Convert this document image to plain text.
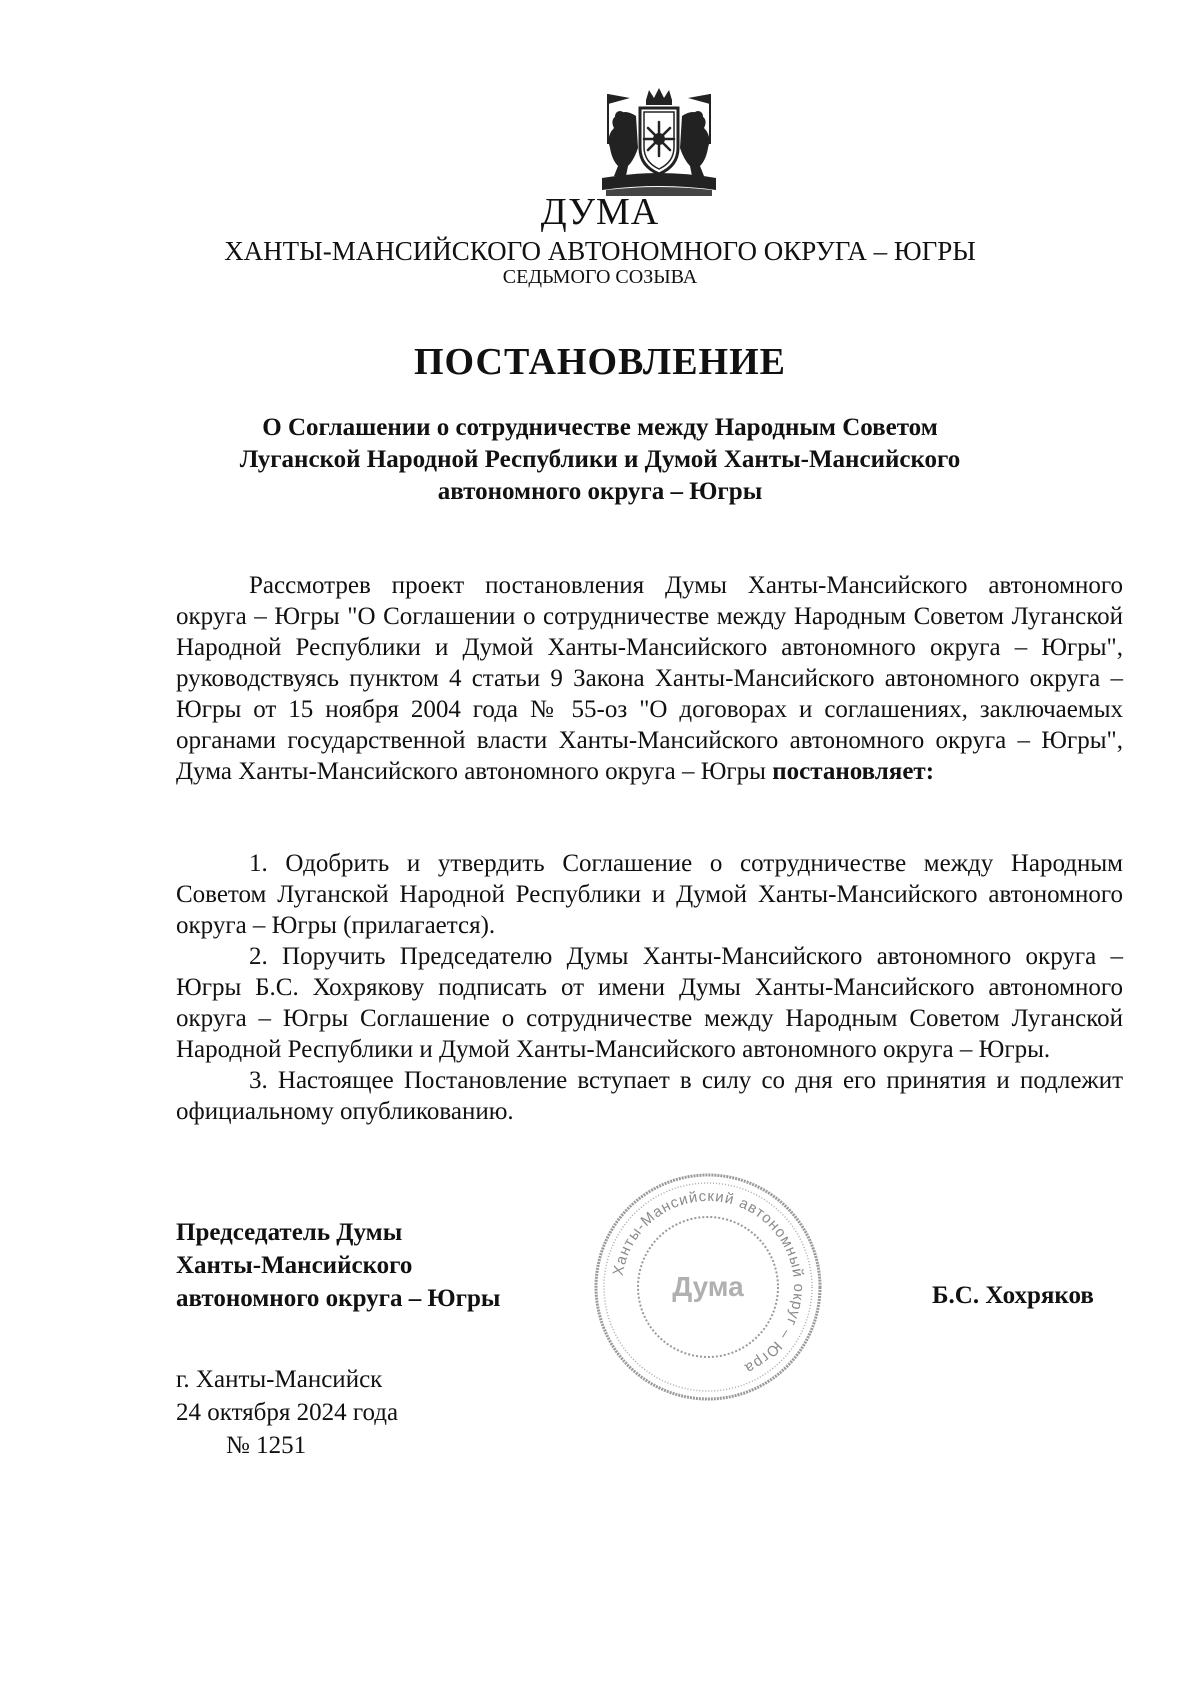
ДУМА
ХАНТЫ-МАНСИЙСКОГО АВТОНОМНОГО ОКРУГА – ЮГРЫ
СЕДЬМОГО СОЗЫВА
ПОСТАНОВЛЕНИЕ
О Соглашении о сотрудничестве между Народным Советом
Луганской Народной Республики и Думой Ханты-Мансийского
автономного округа – Югры

Рассмотрев проект постановления Думы Ханты-Мансийского автономного округа – Югры "О Соглашении о сотрудничестве между Народным Советом Луганской Народной Республики и Думой Ханты-Мансийского автономного округа – Югры", руководствуясь пунктом 4 статьи 9 Закона Ханты-Мансийского автономного округа – Югры от 15 ноября 2004 года № 55-оз "О договорах и соглашениях, заключаемых органами государственной власти Ханты-Мансийского автономного округа – Югры", Дума Ханты-Мансийского автономного округа – Югры постановляет:

1. Одобрить и утвердить Соглашение о сотрудничестве между Народным Советом Луганской Народной Республики и Думой Ханты-Мансийского автономного округа – Югры (прилагается).

2. Поручить Председателю Думы Ханты-Мансийского автономного округа – Югры Б.С. Хохрякову подписать от имени Думы Ханты-Мансийского автономного округа – Югры Соглашение о сотрудничестве между Народным Советом Луганской Народной Республики и Думой Ханты-Мансийского автономного округа – Югры.

3. Настоящее Постановление вступает в силу со дня его принятия и подлежит официальному опубликованию.

Председатель Думы
Ханты-Мансийского
автономного округа – Югры
Ханты-Мансийский автономный округ – Югра
Дума	Б.С. Хохряков
г. Ханты-Мансийск
24 октября 2024 года
№ 1251
